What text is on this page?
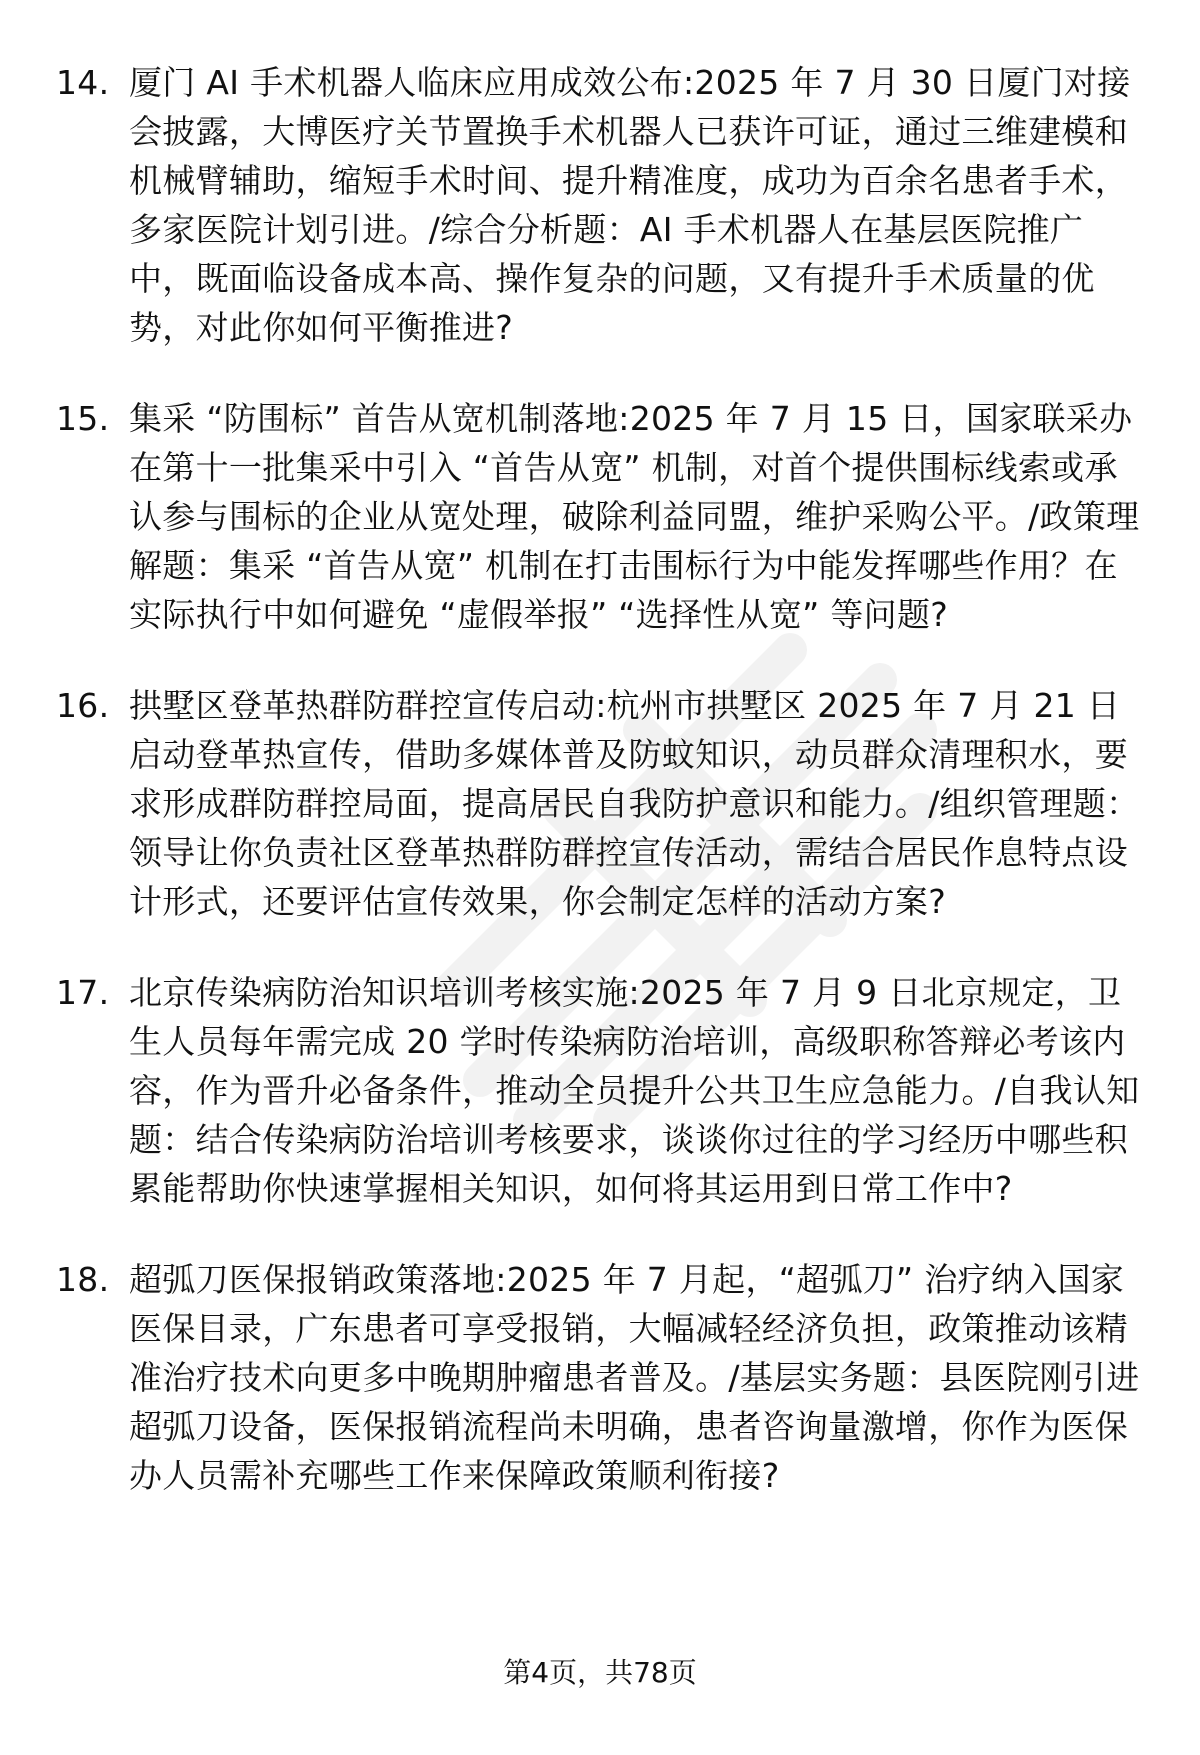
14. 厦门 AI 手术机器人临床应用成效公布:2025 年 7 月 30 日厦门对接会披露，大博医疗关节置换手术机器人已获许可证，通过三维建模和机械臂辅助，缩短手术时间、提升精准度，成功为百余名患者手术，多家医院计划引进。/综合分析题：AI 手术机器人在基层医院推广中，既面临设备成本高、操作复杂的问题，又有提升手术质量的优势，对此你如何平衡推进?
15. 集采 “防围标” 首告从宽机制落地:2025 年 7 月 15 日，国家联采办在第十一批集采中引入 “首告从宽” 机制，对首个提供围标线索或承认参与围标的企业从宽处理，破除利益同盟，维护采购公平。/政策理解题：集采 “首告从宽” 机制在打击围标行为中能发挥哪些作用？在实际执行中如何避免 “虚假举报” “选择性从宽” 等问题?
16. 拱墅区登革热群防群控宣传启动:杭州市拱墅区 2025 年 7 月 21 日启动登革热宣传，借助多媒体普及防蚊知识，动员群众清理积水，要求形成群防群控局面，提高居民自我防护意识和能力。/组织管理题：领导让你负责社区登革热群防群控宣传活动，需结合居民作息特点设计形式，还要评估宣传效果，你会制定怎样的活动方案?
17. 北京传染病防治知识培训考核实施:2025 年 7 月 9 日北京规定，卫生人员每年需完成 20 学时传染病防治培训，高级职称答辩必考该内容，作为晋升必备条件，推动全员提升公共卫生应急能力。/自我认知题：结合传染病防治培训考核要求，谈谈你过往的学习经历中哪些积累能帮助你快速掌握相关知识，如何将其运用到日常工作中?
18. 超弧刀医保报销政策落地:2025 年 7 月起，“超弧刀” 治疗纳入国家医保目录，广东患者可享受报销，大幅减轻经济负担，政策推动该精准治疗技术向更多中晚期肿瘤患者普及。/基层实务题：县医院刚引进超弧刀设备，医保报销流程尚未明确，患者咨询量激增，你作为医保办人员需补充哪些工作来保障政策顺利衔接?
第4页，共78页
